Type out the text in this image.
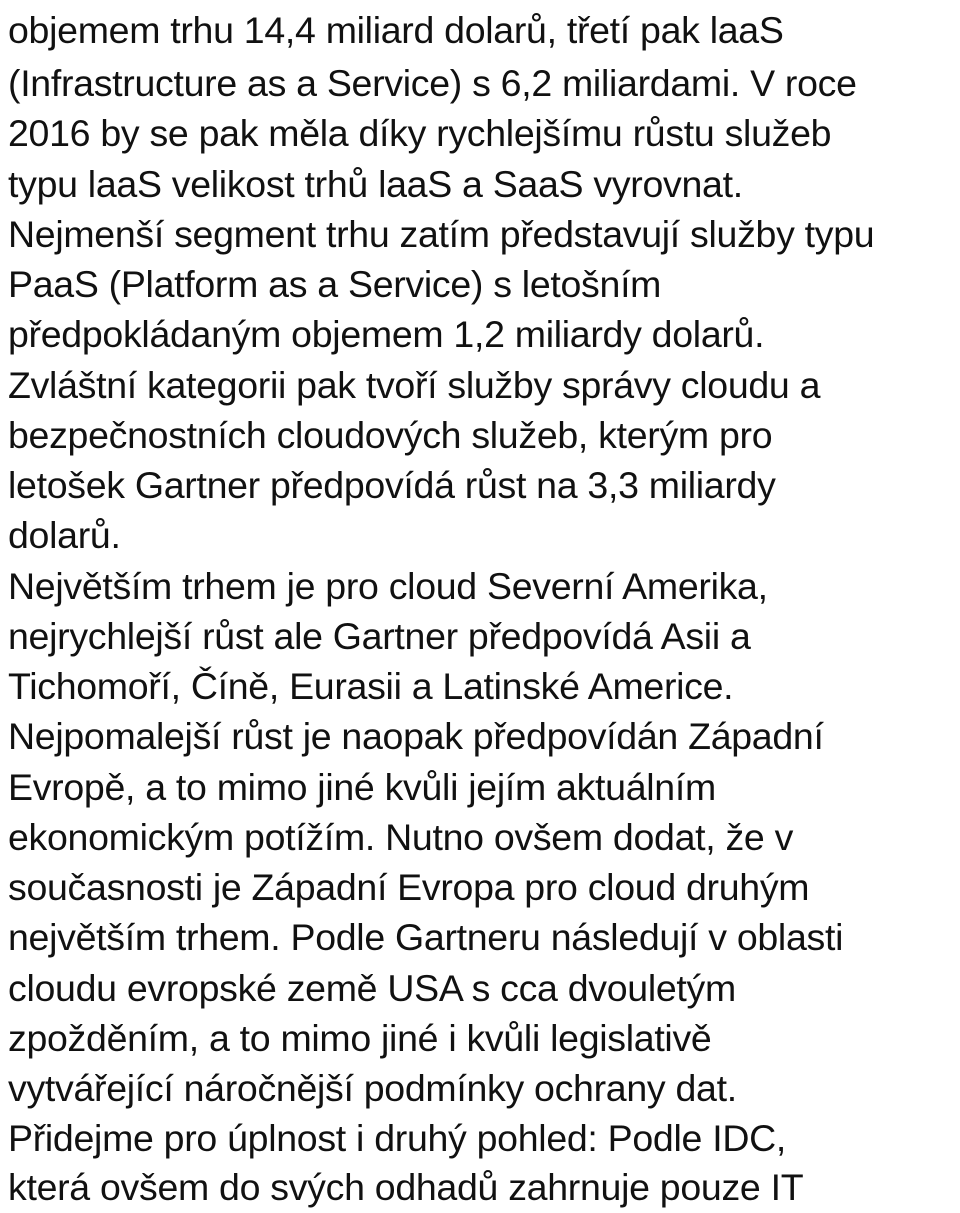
objemem trhu 14,4 miliard dolarů, třetí pak laaS

(Infrastructure as a Service) s 6,2 miliardami. V roce

2016 by se pak měla díky rychlejšímu růstu služeb

typu laaS velikost trhů laaS a SaaS vyrovnat.

Nejmenší segment trhu zatím představují služby typu

PaaS (Platform as a Service) s letošním

předpokládaným objemem 1,2 miliardy dolarů.

Zvláštní kategorii pak tvoří služby správy cloudu a

bezpečnostních cloudových služeb, kterým pro

letošek Gartner předpovídá růst na 3,3 miliardy

dolarů.

Největším trhem je pro cloud Severní Amerika,

nejrychlejší růst ale Gartner předpovídá Asii a

Tichomoří, Číně, Eurasii a Latinské Americe.

Nejpomalejší růst je naopak předpovídán Západní

Evropě, a to mimo jiné kvůli jejím aktuálním

ekonomickým potížím. Nutno ovšem dodat, že v

současnosti je Západní Evropa pro cloud druhým

největším trhem. Podle Gartneru následují v oblasti

cloudu evropské země USA s cca dvouletým

zpožděním, a to mimo jiné i kvůli legislativě

vytvářející náročnější podmínky ochrany dat.

Přidejme pro úplnost i druhý pohled: Podle IDC,

která ovšem do svých odhadů zahrnuje pouze IT
